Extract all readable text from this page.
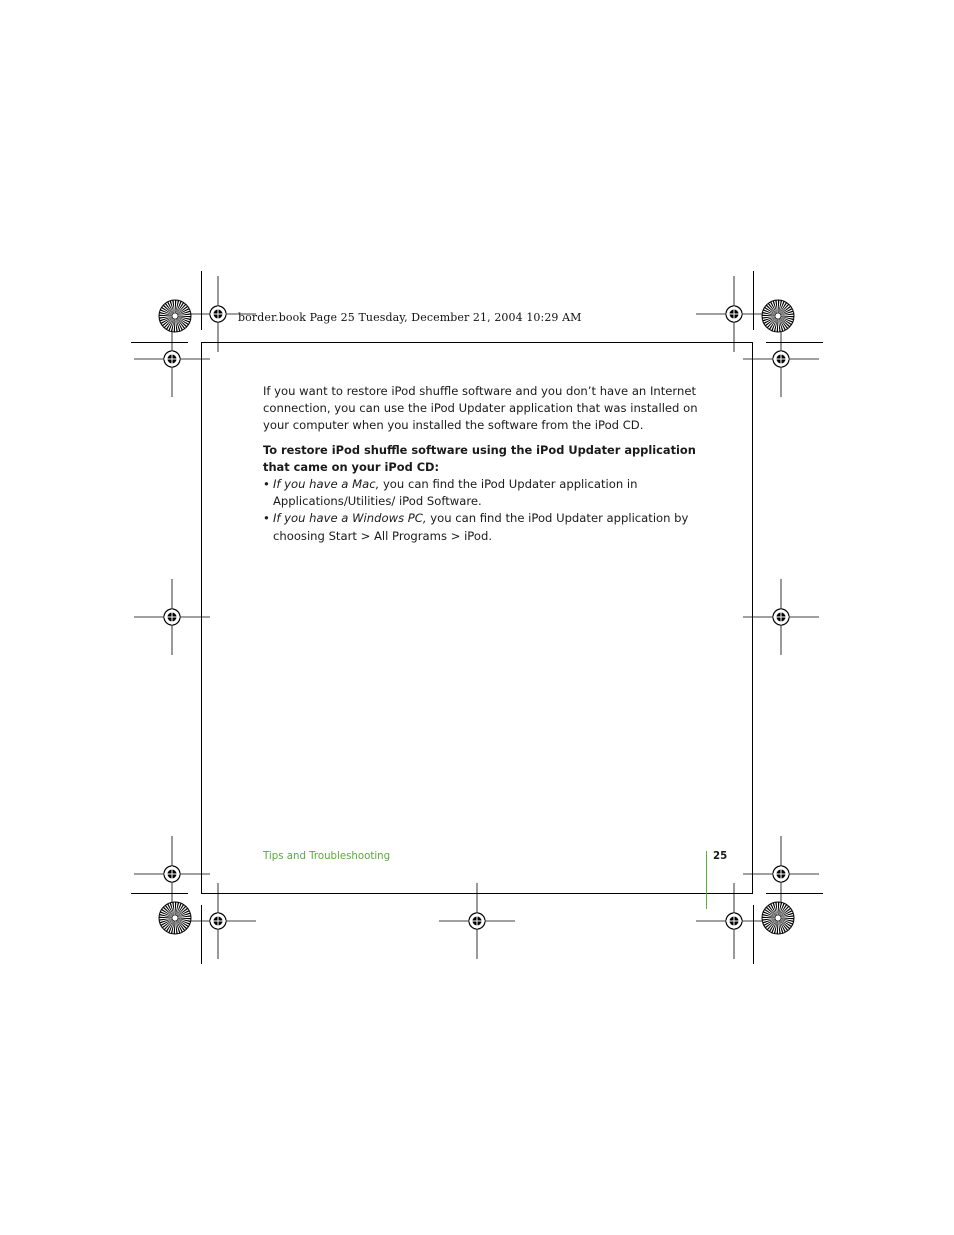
border.book Page 25 Tuesday, December 21, 2004 10:29 AM

If you want to restore iPod shuffle software and you don’t have an Internet connection, you can use the iPod Updater application that was installed on your computer when you installed the software from the iPod CD.

To restore iPod shuffle software using the iPod Updater application that came on your iPod CD:

• If you have a Mac, you can find the iPod Updater application in Applications/Utilities/ iPod Software.
• If you have a Windows PC, you can find the iPod Updater application by choosing Start > All Programs > iPod.
Tips and Troubleshooting	25
